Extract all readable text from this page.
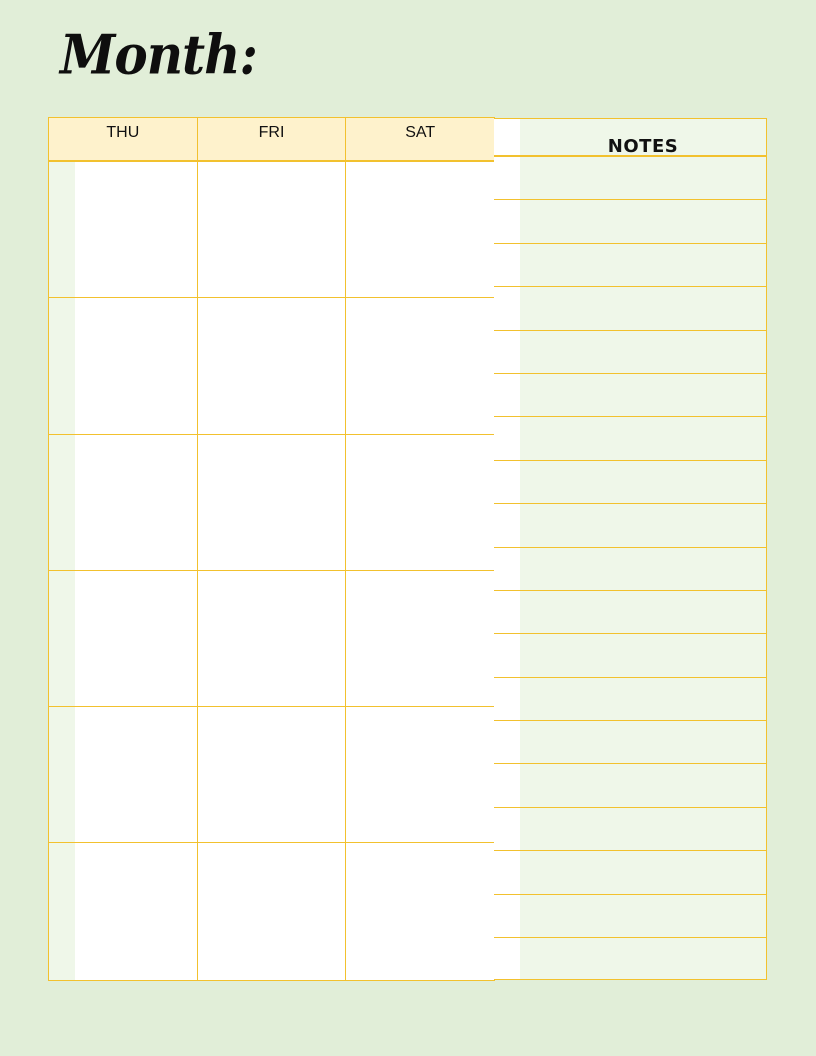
Month:
THU	FRI	SAT
NOTES
